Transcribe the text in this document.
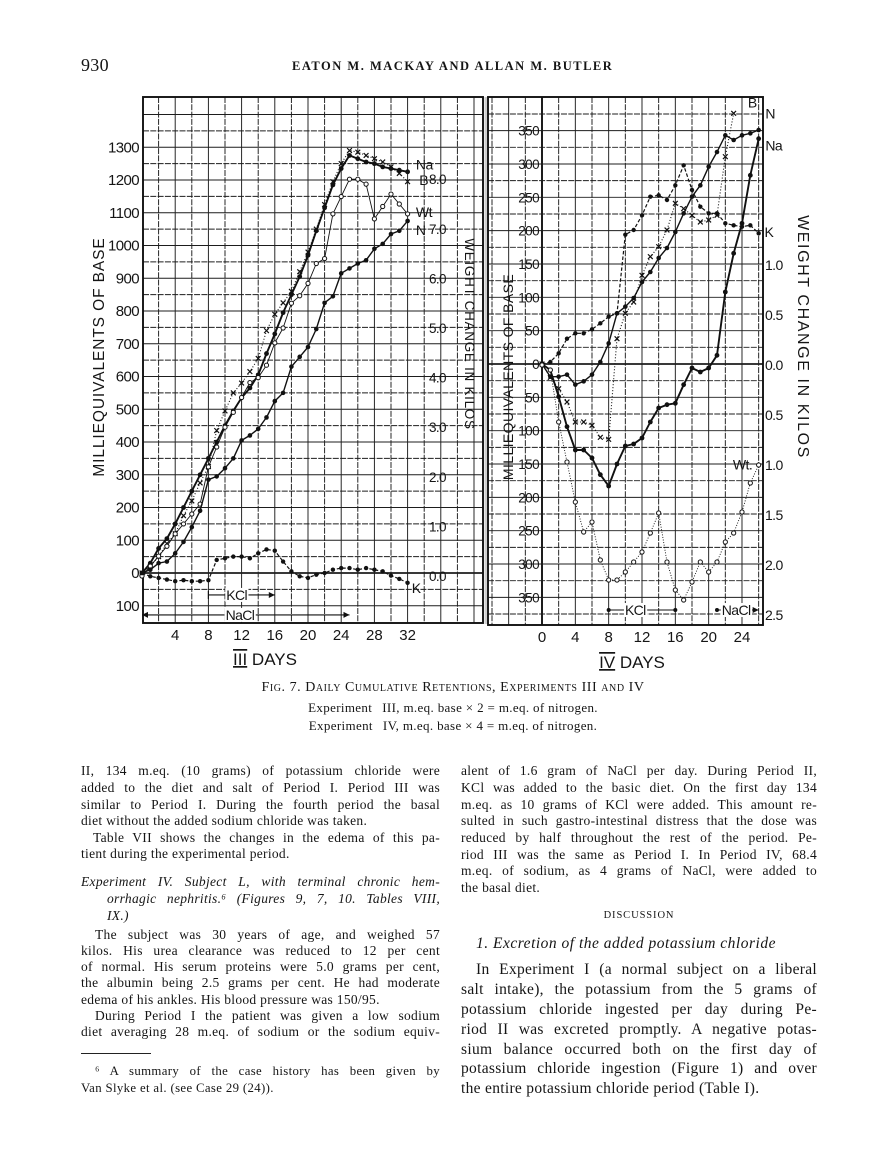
930	EATON M. MACKAY AND ALLAN M. BUTLER
4 8 12 16 20 24 28 32
1300
1200
1100
1000
900
800
700
600
500
400
300
200
100
0
100
8.0
7.0
6.0
5.0
4.0
3.0
2.0
1.0
0.0
MILLIEQUIVALENTS OF BASE	WEIGHT CHANGE IN KILOS
III DAYS
Na
B
Wt
N
K
KCl
NaCl
0 4 8 12 16 20 24
350
300
250
200
150
100
50
0
50
100
150
200
250
300
350
1.0
0.5
0.0
0.5
1.0
1.5
2.0
2.5
MILLIEQUIVALENTS OF BASE	WEIGHT CHANGE IN KILOS
IV DAYS
B
N
Na
K
Wt.
KCl	NaCl
Fig. 7. Daily Cumulative Retentions, Experiments III and IV
Experiment III, m.eq. base × 2 = m.eq. of nitrogen.
Experiment IV, m.eq. base × 4 = m.eq. of nitrogen.
II, 134 m.eq. (10 grams) of potassium chloride were
added to the diet and salt of Period I. Period III was
similar to Period I. During the fourth period the basal
diet without the added sodium chloride was taken.
Table VII shows the changes in the edema of this pa-
tient during the experimental period.
Experiment IV. Subject L, with terminal chronic hem-
orrhagic nephritis.⁶ (Figures 9, 7, 10. Tables VIII,
IX.)
The subject was 30 years of age, and weighed 57
kilos. His urea clearance was reduced to 12 per cent
of normal. His serum proteins were 5.0 grams per cent,
the albumin being 2.5 grams per cent. He had moderate
edema of his ankles. His blood pressure was 150/95.
During Period I the patient was given a low sodium
diet averaging 28 m.eq. of sodium or the sodium equiv-
⁶ A summary of the case history has been given by
Van Slyke et al. (see Case 29 (24)).
alent of 1.6 gram of NaCl per day. During Period II,
KCl was added to the basic diet. On the first day 134
m.eq. as 10 grams of KCl were added. This amount re-
sulted in such gastro-intestinal distress that the dose was
reduced by half throughout the rest of the period. Pe-
riod III was the same as Period I. In Period IV, 68.4
m.eq. of sodium, as 4 grams of NaCl, were added to
the basal diet.
DISCUSSION
1. Excretion of the added potassium chloride
In Experiment I (a normal subject on a liberal
salt intake), the potassium from the 5 grams of
potassium chloride ingested per day during Pe-
riod II was excreted promptly. A negative potas-
sium balance occurred both on the first day of
potassium chloride ingestion (Figure 1) and over
the entire potassium chloride period (Table I).
